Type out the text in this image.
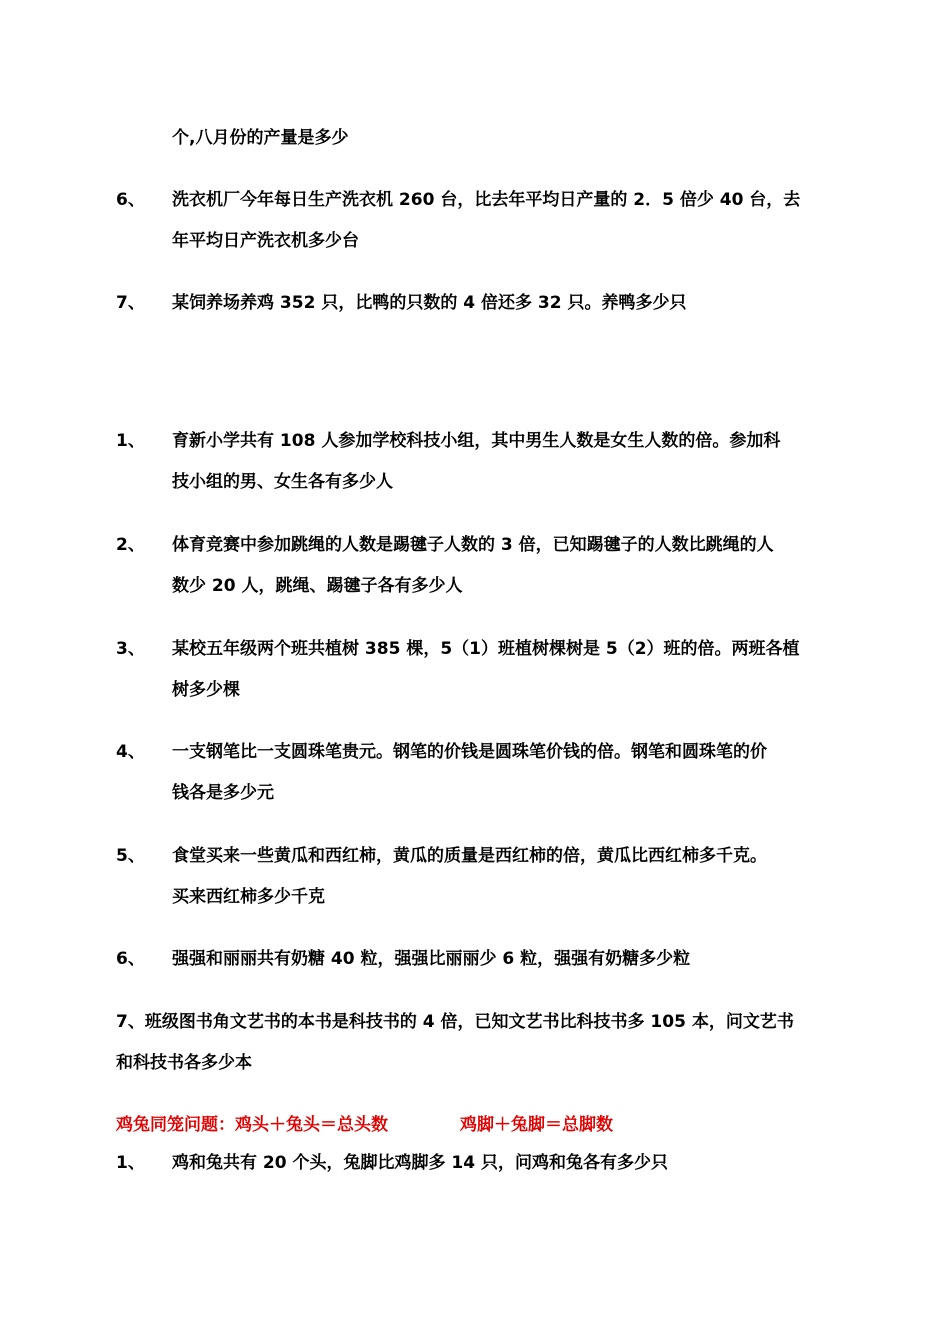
个,八月份的产量是多少
6、 洗衣机厂今年每日生产洗衣机 260 台，比去年平均日产量的 2．5 倍少 40 台，去
年平均日产洗衣机多少台
7、 某饲养场养鸡 352 只，比鸭的只数的 4 倍还多 32 只。养鸭多少只
1、 育新小学共有 108 人参加学校科技小组，其中男生人数是女生人数的倍。参加科
技小组的男、女生各有多少人
2、 体育竞赛中参加跳绳的人数是踢毽子人数的 3 倍，已知踢毽子的人数比跳绳的人
数少 20 人，跳绳、踢毽子各有多少人
3、 某校五年级两个班共植树 385 棵，5（1）班植树棵树是 5（2）班的倍。两班各植
树多少棵
4、 一支钢笔比一支圆珠笔贵元。钢笔的价钱是圆珠笔价钱的倍。钢笔和圆珠笔的价
钱各是多少元
5、 食堂买来一些黄瓜和西红柿，黄瓜的质量是西红柿的倍，黄瓜比西红柿多千克。
买来西红柿多少千克
6、 强强和丽丽共有奶糖 40 粒，强强比丽丽少 6 粒，强强有奶糖多少粒
7、班级图书角文艺书的本书是科技书的 4 倍，已知文艺书比科技书多 105 本，问文艺书
和科技书各多少本
鸡兔同笼问题：鸡头＋兔头＝总头数	鸡脚＋兔脚＝总脚数
1、 鸡和兔共有 20 个头，兔脚比鸡脚多 14 只，问鸡和兔各有多少只
